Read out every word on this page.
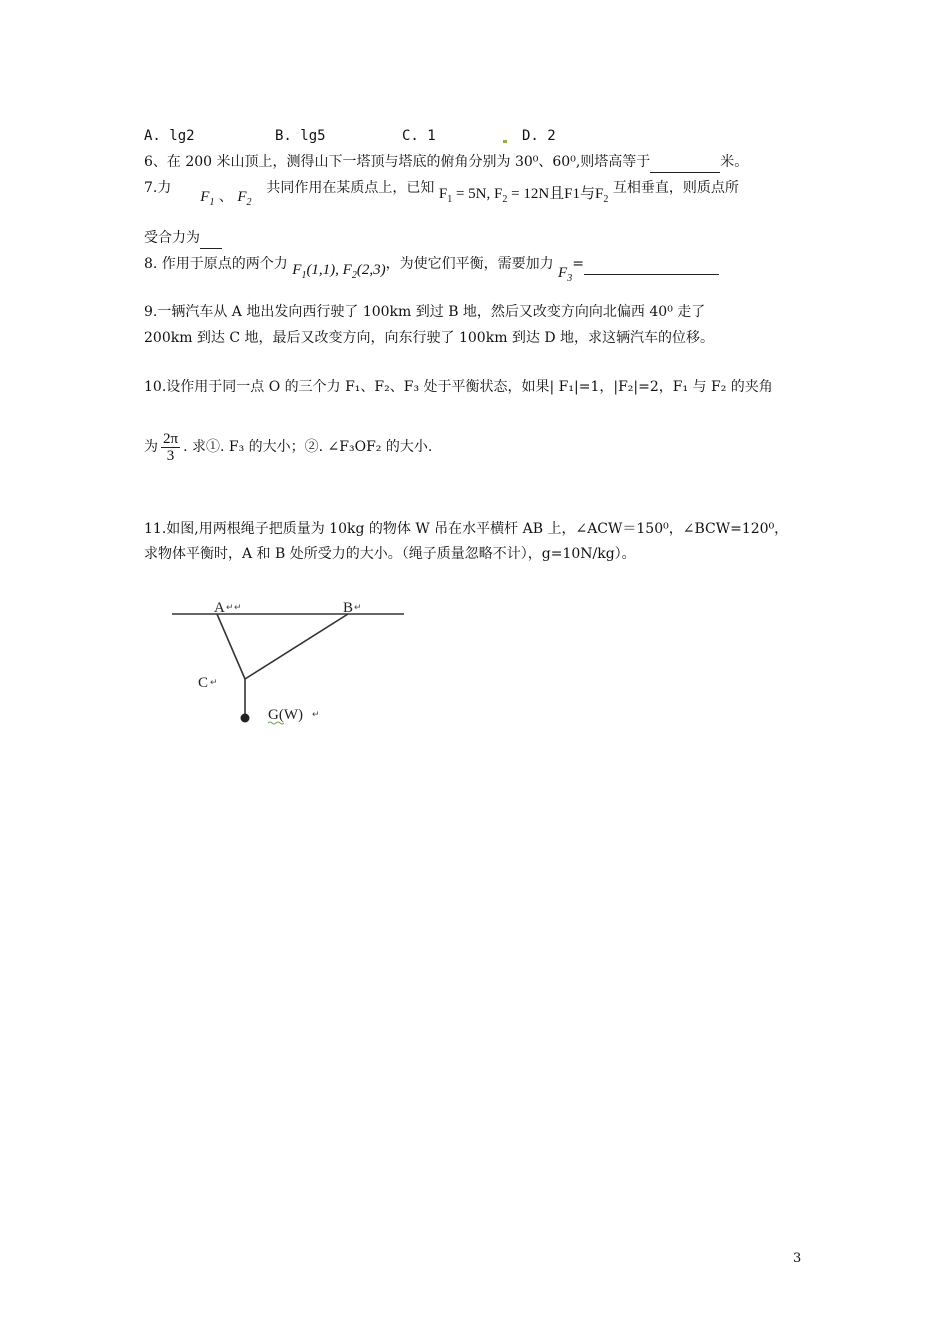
A. lg2	B. lg5	C. 1	D. 2
6、在 200 米山顶上，测得山下一塔顶与塔底的俯角分别为 30⁰、60⁰,则塔高等于	米。
7.力  $F_1$ 、 $F_2$  共同作用在某质点上，已知 $F_1 = 5N$, $F_2 = 12N$且F1与$F_2$ 互相垂直，则质点所
受合力为
8. 作用于原点的两个力 $F_1(1,1)$, $F_2(2,3)$，为使它们平衡，需要加力 $F_3=$
9.一辆汽车从 A 地出发向西行驶了 100km 到过 B 地，然后又改变方向向北偏西 40⁰ 走了
200km 到达 C 地，最后又改变方向，向东行驶了 100km 到达 D 地，求这辆汽车的位移。
10.设作用于同一点 O 的三个力 F₁、F₂、F₃ 处于平衡状态，如果| F₁|=1，|F₂|=2，F₁ 与 F₂ 的夹角
为 $\frac{2\pi}{3}$ . 求①. F₃ 的大小；②. ∠F₃OF₂ 的大小.
11.如图,用两根绳子把质量为 10kg 的物体 W 吊在水平横杆 AB 上，∠ACW＝150⁰，∠BCW=120⁰，
求物体平衡时，A 和 B 处所受力的大小。（绳子质量忽略不计），g=10N/kg）。
A ↵ ↵	B ↵
C ↵
G(W) ↵
3
